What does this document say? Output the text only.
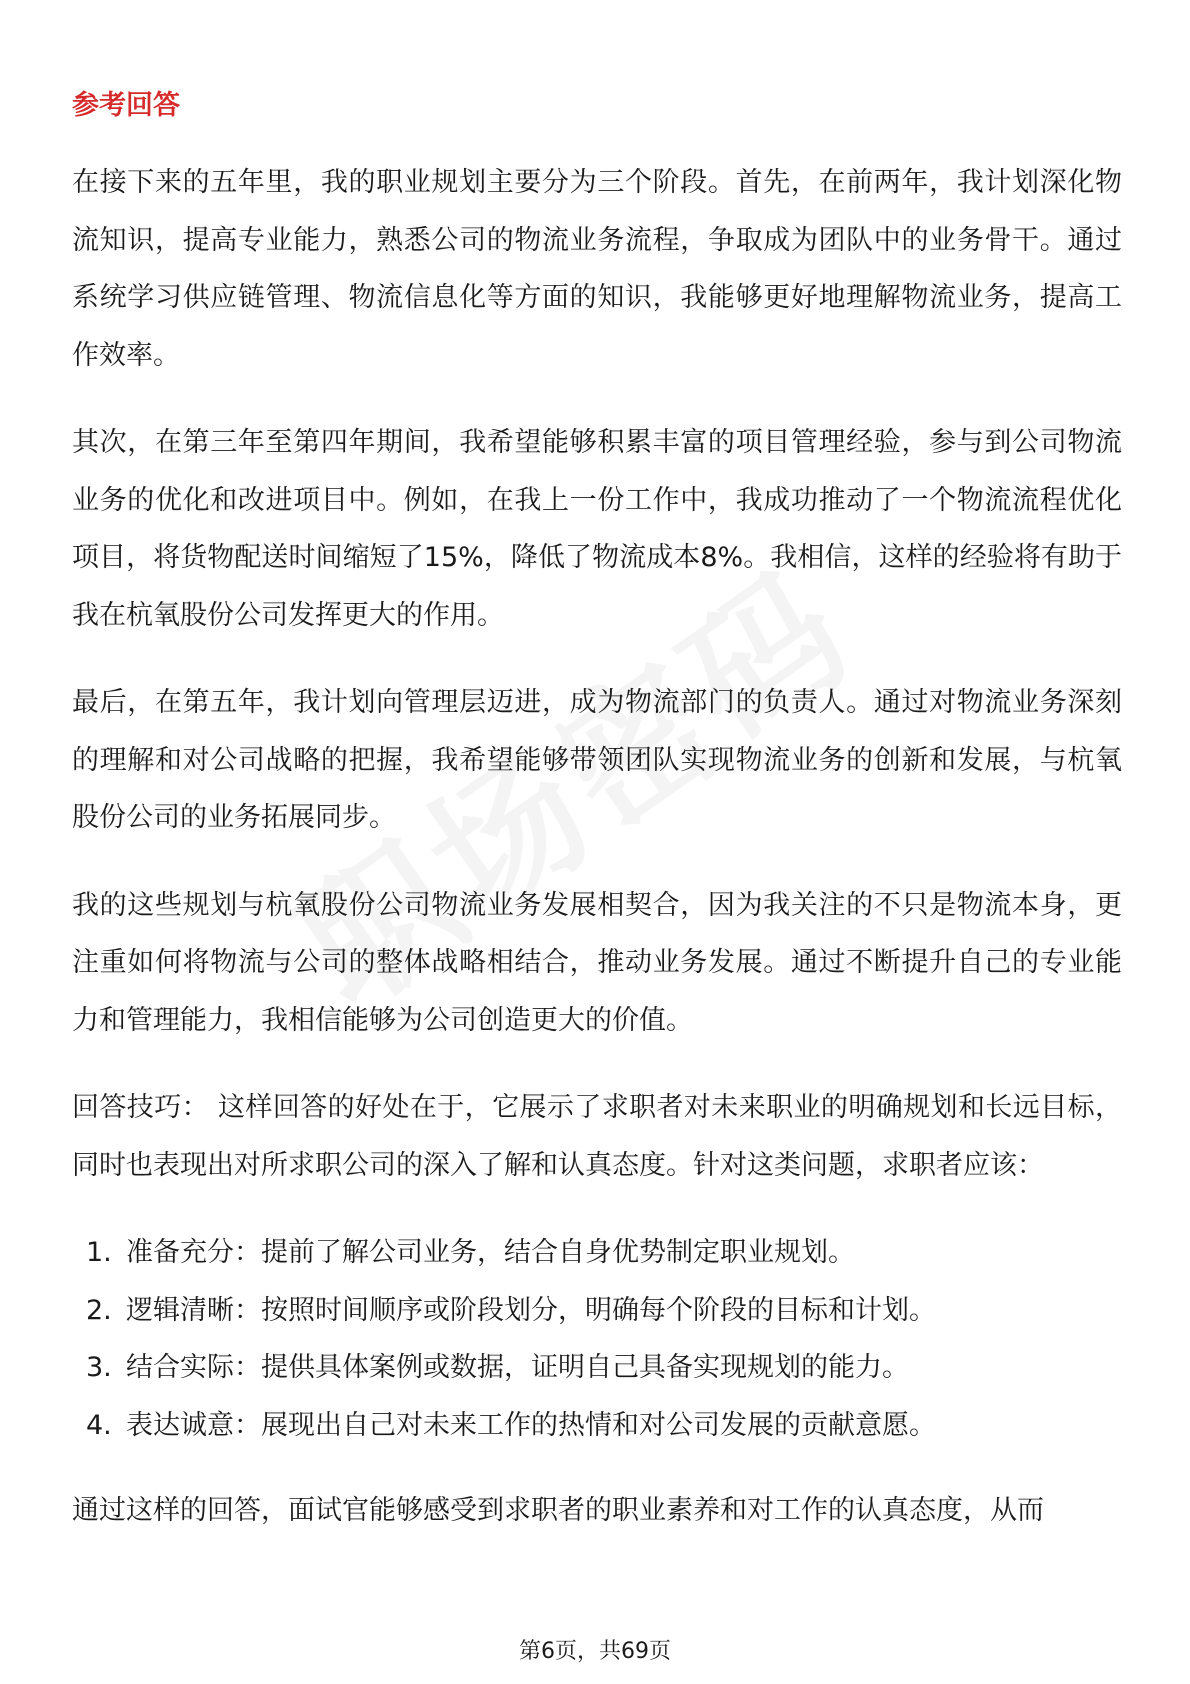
参考回答

在接下来的五年里，我的职业规划主要分为三个阶段。首先，在前两年，我计划深化物流知识，提高专业能力，熟悉公司的物流业务流程，争取成为团队中的业务骨干。通过系统学习供应链管理、物流信息化等方面的知识，我能够更好地理解物流业务，提高工作效率。

其次，在第三年至第四年期间，我希望能够积累丰富的项目管理经验，参与到公司物流业务的优化和改进项目中。例如，在我上一份工作中，我成功推动了一个物流流程优化项目，将货物配送时间缩短了15%，降低了物流成本8%。我相信，这样的经验将有助于我在杭氧股份公司发挥更大的作用。

最后，在第五年，我计划向管理层迈进，成为物流部门的负责人。通过对物流业务深刻的理解和对公司战略的把握，我希望能够带领团队实现物流业务的创新和发展，与杭氧股份公司的业务拓展同步。

我的这些规划与杭氧股份公司物流业务发展相契合，因为我关注的不只是物流本身，更注重如何将物流与公司的整体战略相结合，推动业务发展。通过不断提升自己的专业能力和管理能力，我相信能够为公司创造更大的价值。

回答技巧： 这样回答的好处在于，它展示了求职者对未来职业的明确规划和长远目标，同时也表现出对所求职公司的深入了解和认真态度。针对这类问题，求职者应该：

1. 准备充分：提前了解公司业务，结合自身优势制定职业规划。
2. 逻辑清晰：按照时间顺序或阶段划分，明确每个阶段的目标和计划。
3. 结合实际：提供具体案例或数据，证明自己具备实现规划的能力。
4. 表达诚意：展现出自己对未来工作的热情和对公司发展的贡献意愿。

通过这样的回答，面试官能够感受到求职者的职业素养和对工作的认真态度，从而

第6页，共69页
